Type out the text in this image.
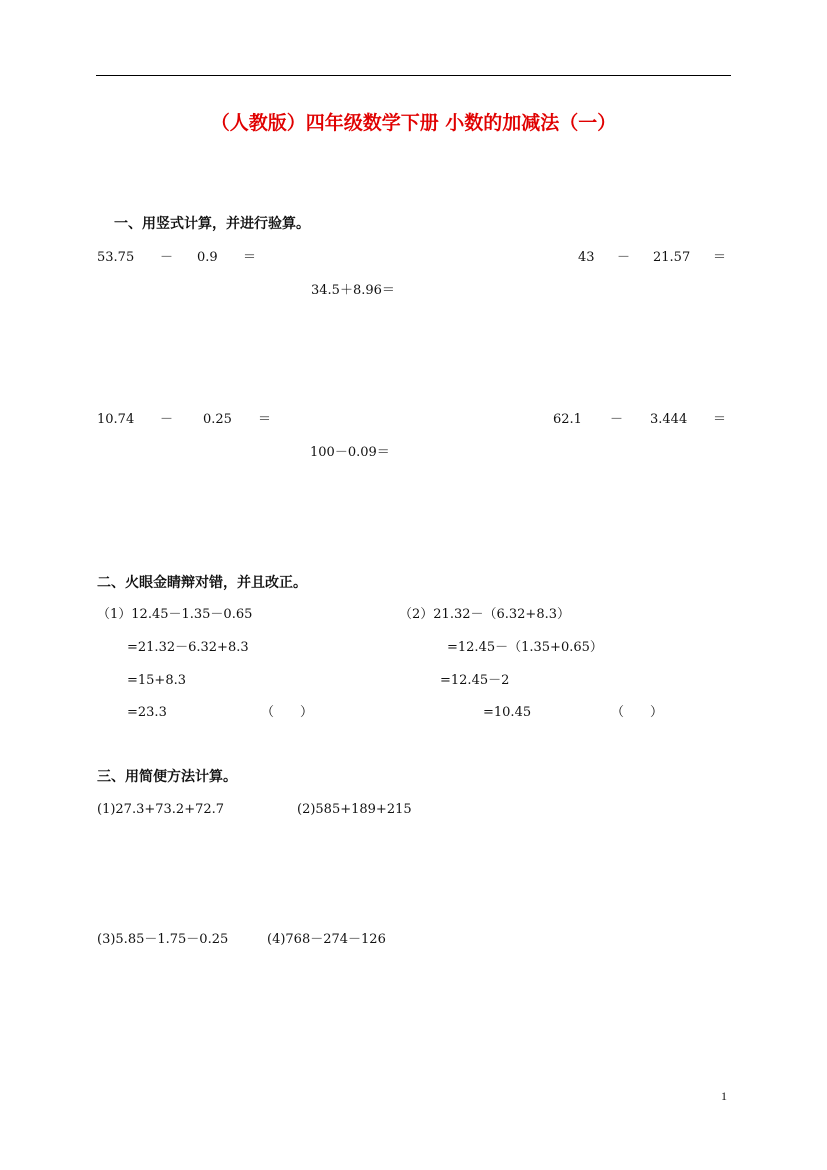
（人教版）四年级数学下册 小数的加减法（一）
一、用竖式计算，并进行验算。
53.75 － 0.9 ＝	43 － 21.57 ＝
34.5＋8.96＝
10.74 － 0.25 ＝	62.1 － 3.444 ＝
100－0.09＝
二、火眼金睛辩对错，并且改正。
（1）12.45－1.35－0.65
=21.32－6.32+8.3
=15+8.3
=23.3	（　　）
（2）21.32－（6.32+8.3）
=12.45－（1.35+0.65）
=12.45－2
=10.45	（　　）
三、用简便方法计算。
(1)27.3+73.2+72.7	(2)585+189+215
(3)5.85－1.75－0.25	(4)768－274－126
1
